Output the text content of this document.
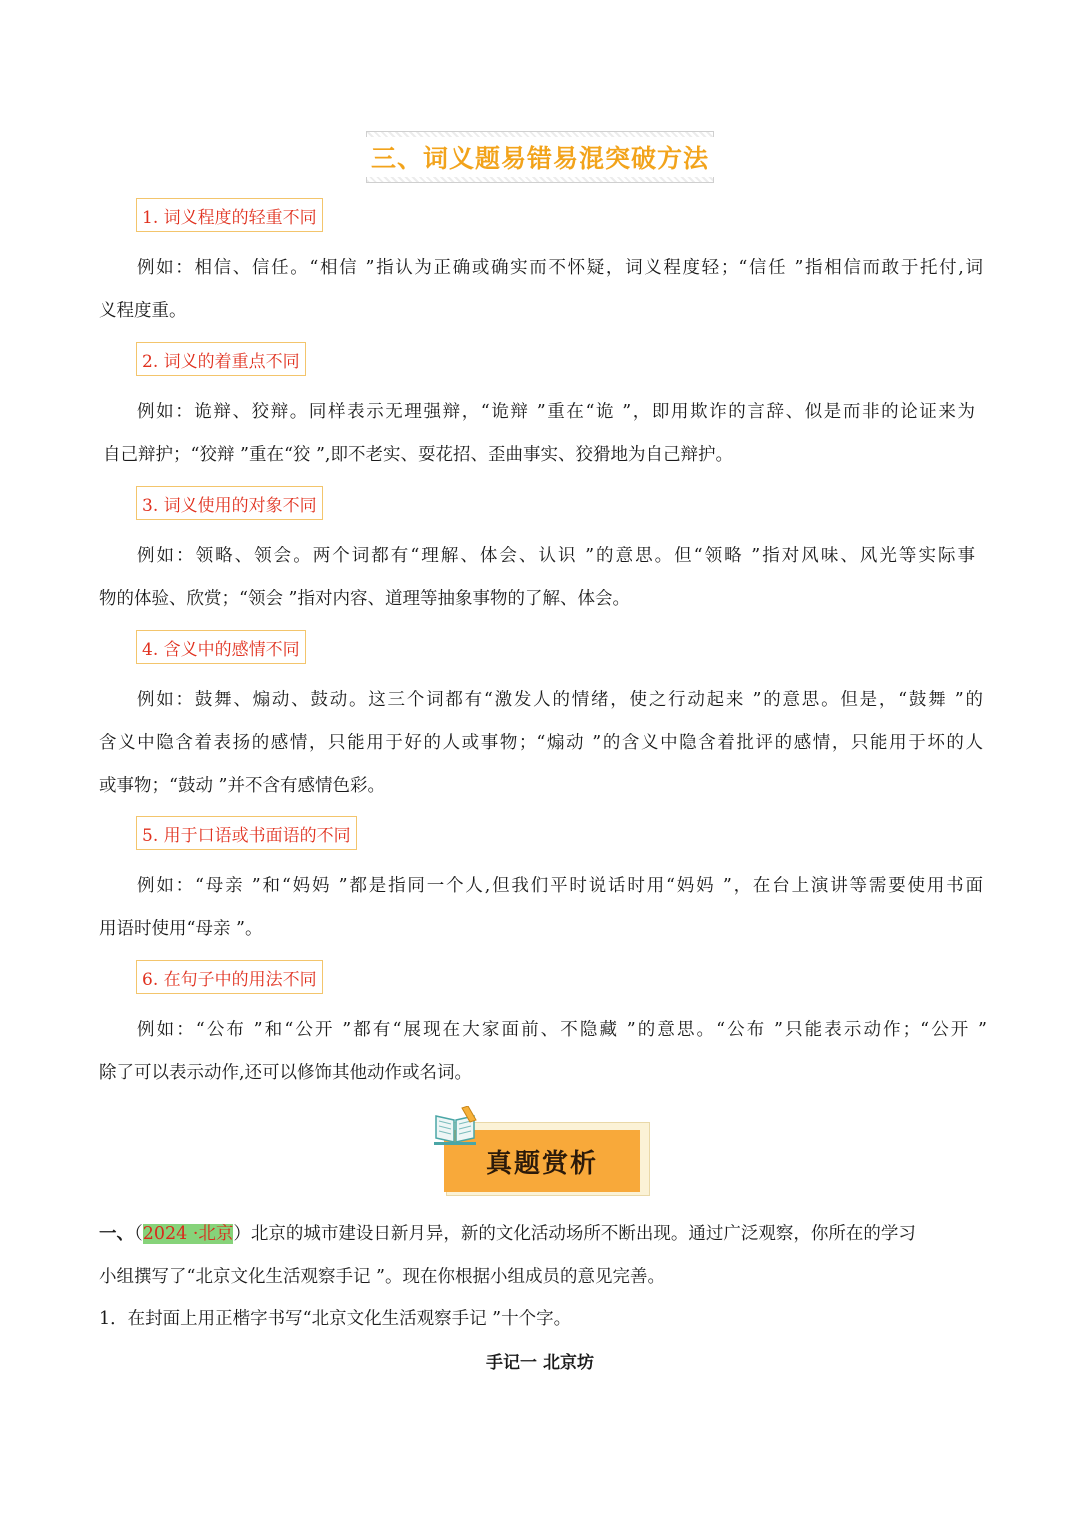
三、词义题易错易混突破方法
1. 词义程度的轻重不同
例如：相信、信任。“相信 ”指认为正确或确实而不怀疑，词义程度轻；“信任 ”指相信而敢于托付,词
义程度重。
2. 词义的着重点不同
例如：诡辩、狡辩。同样表示无理强辩，“诡辩 ”重在“诡 ”，即用欺诈的言辞、似是而非的论证来为
自己辩护；“狡辩 ”重在“狡 ”,即不老实、耍花招、歪曲事实、狡猾地为自己辩护。
3. 词义使用的对象不同
例如：领略、领会。两个词都有“理解、体会、认识 ”的意思。但“领略 ”指对风味、风光等实际事
物的体验、欣赏；“领会 ”指对内容、道理等抽象事物的了解、体会。
4. 含义中的感情不同
例如：鼓舞、煽动、鼓动。这三个词都有“激发人的情绪，使之行动起来 ”的意思。但是，“鼓舞 ”的
含义中隐含着表扬的感情，只能用于好的人或事物；“煽动 ”的含义中隐含着批评的感情，只能用于坏的人
或事物；“鼓动 ”并不含有感情色彩。
5. 用于口语或书面语的不同
例如：“母亲 ”和“妈妈 ”都是指同一个人,但我们平时说话时用“妈妈 ”，在台上演讲等需要使用书面
用语时使用“母亲 ”。
6. 在句子中的用法不同
例如：“公布 ”和“公开 ”都有“展现在大家面前、不隐藏 ”的意思。“公布 ”只能表示动作；“公开 ”
除了可以表示动作,还可以修饰其他动作或名词。
真题赏析
一、（2024 ·北京）北京的城市建设日新月异，新的文化活动场所不断出现。通过广泛观察，你所在的学习
小组撰写了“北京文化生活观察手记 ”。现在你根据小组成员的意见完善。
1．在封面上用正楷字书写“北京文化生活观察手记 ”十个字。
手记一 北京坊
